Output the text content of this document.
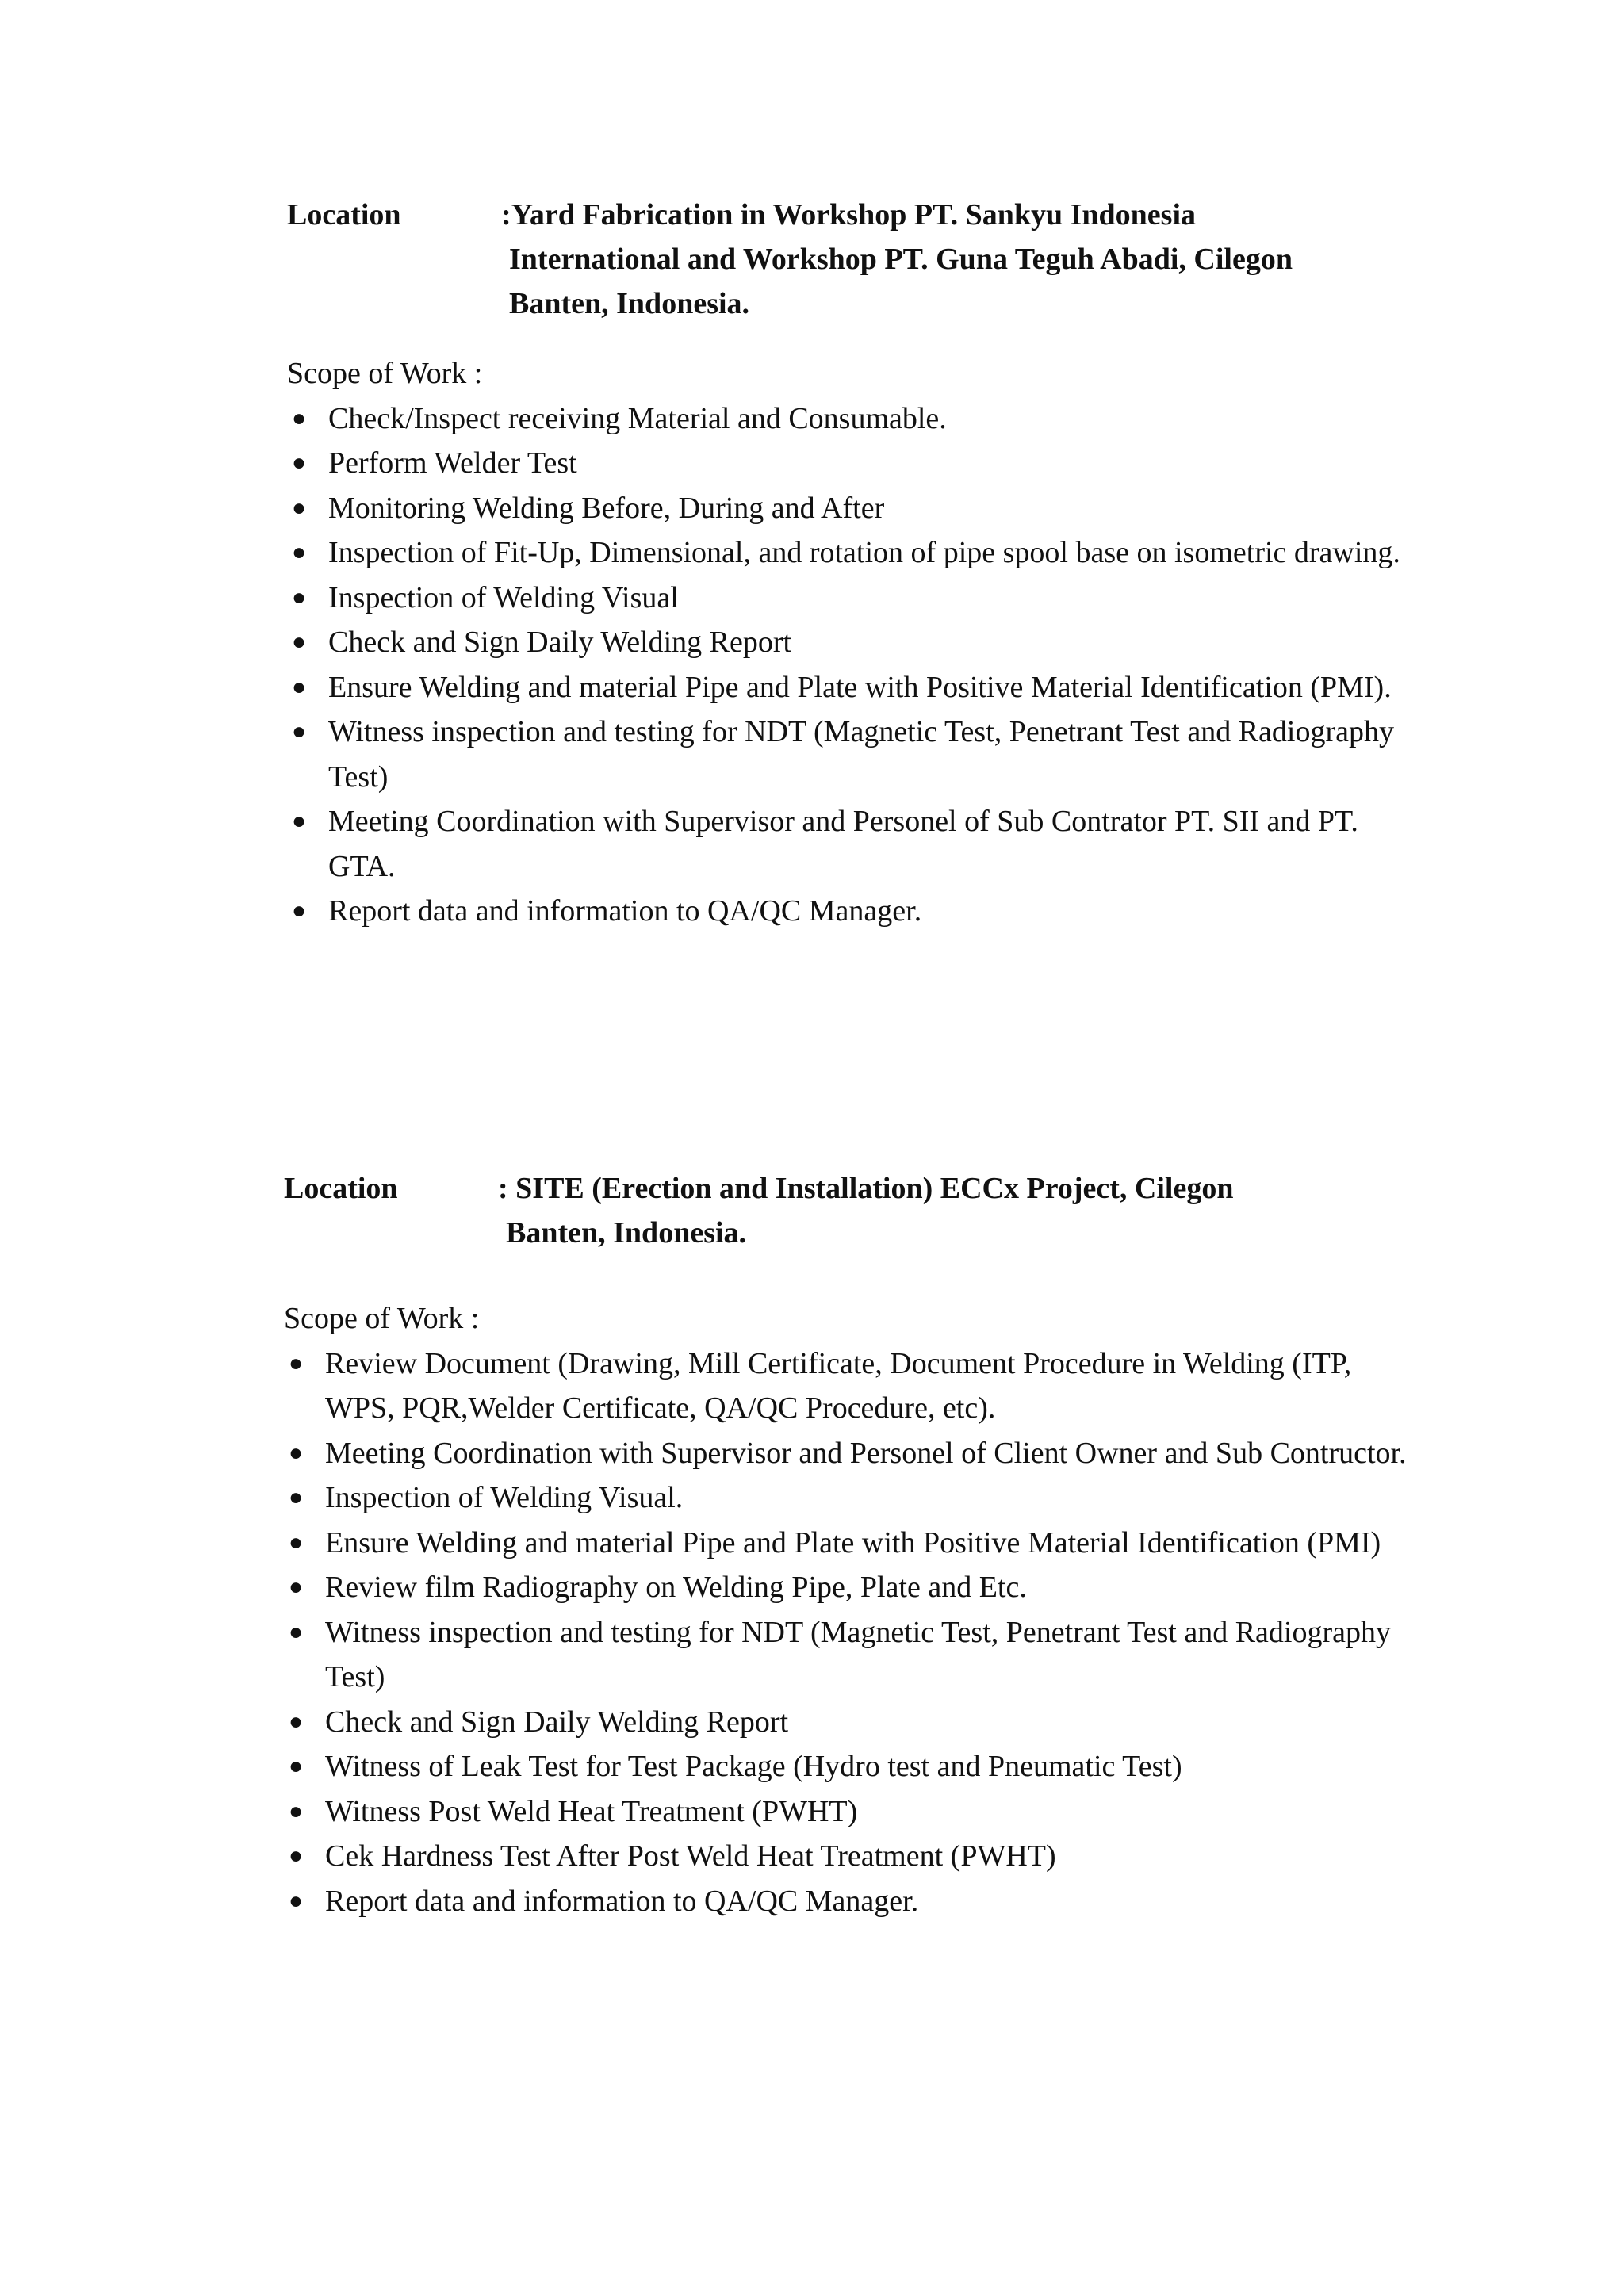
Location	:Yard Fabrication in Workshop PT. Sankyu Indonesia
International and Workshop PT. Guna Teguh Abadi, Cilegon
Banten, Indonesia.
Scope of Work :
● Check/Inspect receiving Material and Consumable.
● Perform Welder Test
● Monitoring Welding Before, During and After
● Inspection of Fit-Up, Dimensional, and rotation of pipe spool base on isometric drawing.
● Inspection of Welding Visual
● Check and Sign Daily Welding Report
● Ensure Welding and material Pipe and Plate with Positive Material Identification (PMI).
● Witness inspection and testing for NDT (Magnetic Test, Penetrant Test and Radiography Test)
● Meeting Coordination with Supervisor and Personel of Sub Contrator PT. SII and PT. GTA.
● Report data and information to QA/QC Manager.
Location	: SITE (Erection and Installation) ECCx Project, Cilegon
Banten, Indonesia.
Scope of Work :
● Review Document (Drawing, Mill Certificate, Document Procedure in Welding (ITP, WPS, PQR,Welder Certificate, QA/QC Procedure, etc).
● Meeting Coordination with Supervisor and Personel of Client Owner and Sub Contructor.
● Inspection of Welding Visual.
● Ensure Welding and material Pipe and Plate with Positive Material Identification (PMI)
● Review film Radiography on Welding Pipe, Plate and Etc.
● Witness inspection and testing for NDT (Magnetic Test, Penetrant Test and Radiography Test)
● Check and Sign Daily Welding Report
● Witness of Leak Test for Test Package (Hydro test and Pneumatic Test)
● Witness Post Weld Heat Treatment (PWHT)
● Cek Hardness Test After Post Weld Heat Treatment (PWHT)
● Report data and information to QA/QC Manager.
